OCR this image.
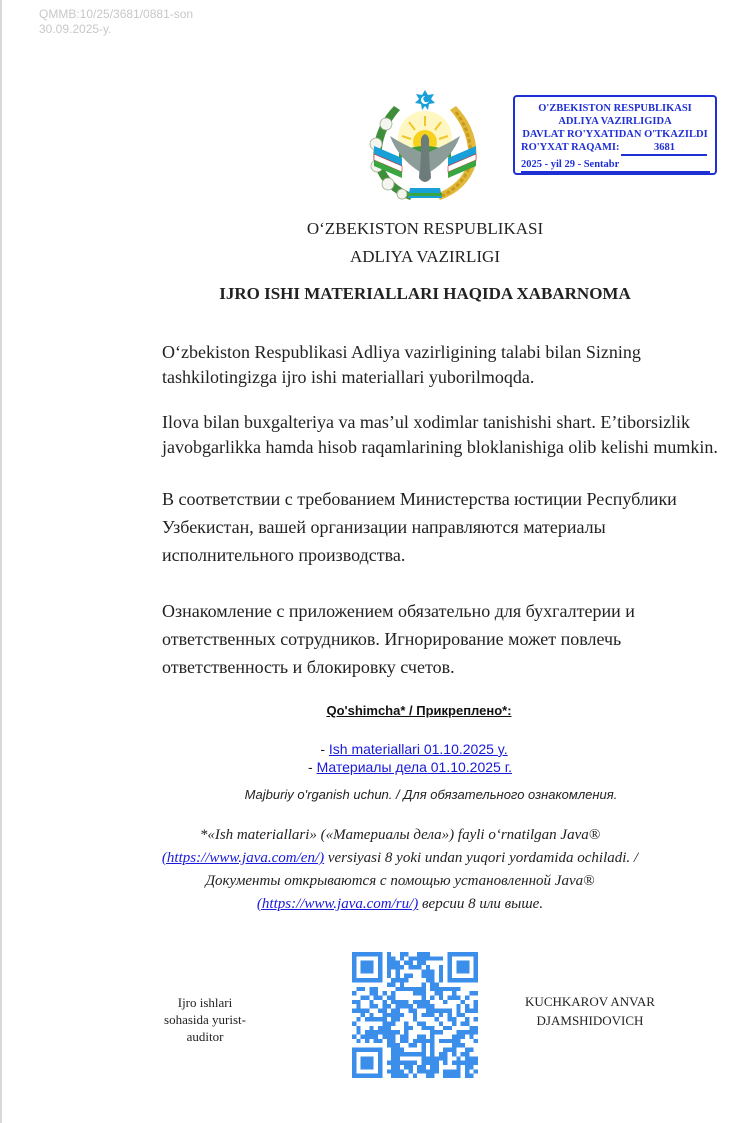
QMMB:10/25/3681/0881-son
30.09.2025-y.
O'ZBEKISTON RESPUBLIKASI
ADLIYA VAZIRLIGIDA
DAVLAT RO'YXATIDAN O'TKAZILDI
RO'YXAT RAQAMI:	3681
2025 - yil 29 - Sentabr
O‘ZBEKISTON RESPUBLIKASI
ADLIYA VAZIRLIGI
IJRO ISHI MATERIALLARI HAQIDA XABARNOMA
O‘zbekiston Respublikasi Adliya vazirligining talabi bilan Sizning
tashkilotingizga ijro ishi materiallari yuborilmoqda.
Ilova bilan buxgalteriya va mas’ul xodimlar tanishishi shart. E’tiborsizlik
javobgarlikka hamda hisob raqamlarining bloklanishiga olib kelishi mumkin.
В соответствии с требованием Министерства юстиции Республики
Узбекистан, вашей организации направляются материалы
исполнительного производства.
Ознакомление с приложением обязательно для бухгалтерии и
ответственных сотрудников. Игнорирование может повлечь
ответственность и блокировку счетов.
Qo'shimcha* / Прикреплено*:
- Ish materiallari 01.10.2025 y.
- Материалы дела 01.10.2025 г.
Majburiy o'rganish uchun. / Для обязательного ознакомления.
*«Ish materiallari» («Материалы дела») fayli o‘rnatilgan Java®
(https://www.java.com/en/) versiyasi 8 yoki undan yuqori yordamida ochiladi. /
Документы открываются с помощью установленной Java®
(https://www.java.com/ru/) версии 8 или выше.
Ijro ishlari
sohasida yurist-
auditor
KUCHKAROV ANVAR
DJAMSHIDOVICH
